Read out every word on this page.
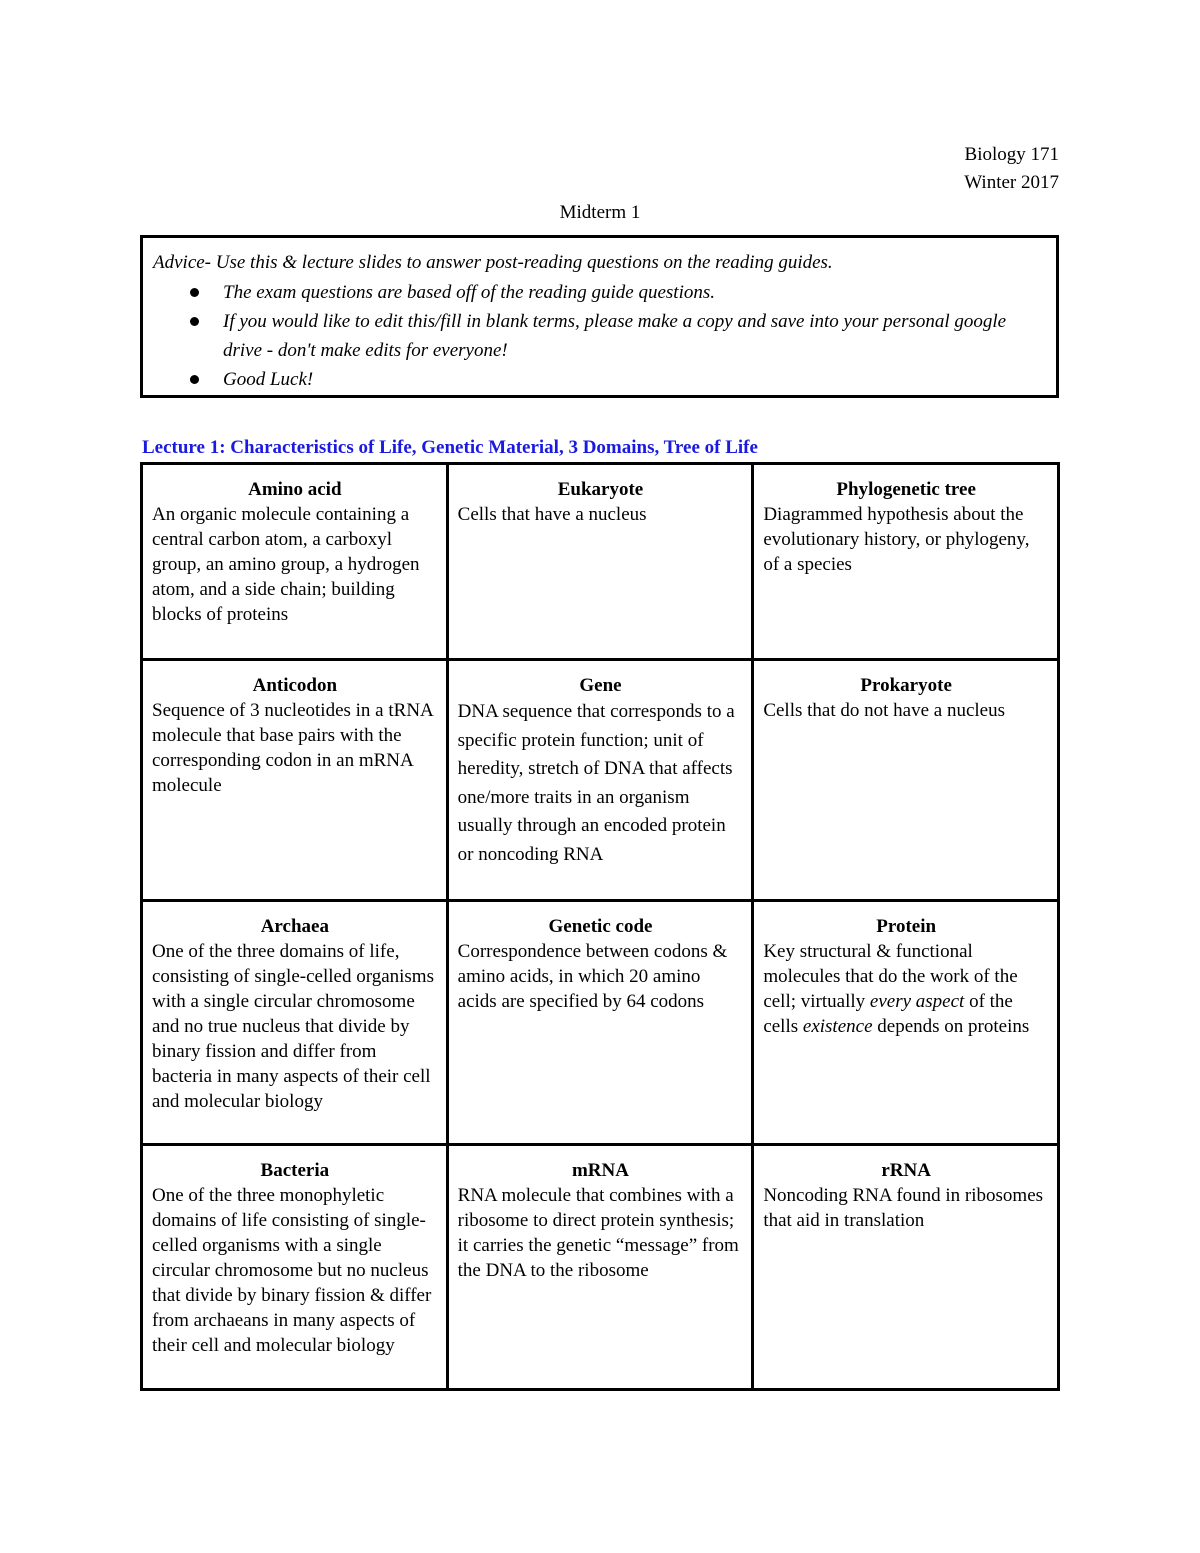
Biology 171
Winter 2017
Midterm 1
Advice- Use this & lecture slides to answer post-reading questions on the reading guides.
The exam questions are based off of the reading guide questions.
If you would like to edit this/fill in blank terms, please make a copy and save into your personal google drive - don't make edits for everyone!
Good Luck!
Lecture 1: Characteristics of Life, Genetic Material, 3 Domains, Tree of Life
Amino acid
An organic molecule containing a central carbon atom, a carboxyl group, an amino group, a hydrogen atom, and a side chain; building blocks of proteins	Eukaryote
Cells that have a nucleus	Phylogenetic tree
Diagrammed hypothesis about the evolutionary history, or phylogeny, of a species

Anticodon
Sequence of 3 nucleotides in a tRNA molecule that base pairs with the corresponding codon in an mRNA molecule	Gene
DNA sequence that corresponds to a specific protein function; unit of heredity, stretch of DNA that affects one/more traits in an organism usually through an encoded protein or noncoding RNA	Prokaryote
Cells that do not have a nucleus

Archaea
One of the three domains of life, consisting of single-celled organisms with a single circular chromosome and no true nucleus that divide by binary fission and differ from bacteria in many aspects of their cell and molecular biology	Genetic code
Correspondence between codons & amino acids, in which 20 amino acids are specified by 64 codons	Protein
Key structural & functional molecules that do the work of the cell; virtually every aspect of the cells existence depends on proteins

Bacteria
One of the three monophyletic domains of life consisting of single-celled organisms with a single circular chromosome but no nucleus that divide by binary fission & differ from archaeans in many aspects of their cell and molecular biology	mRNA
RNA molecule that combines with a ribosome to direct protein synthesis; it carries the genetic “message” from the DNA to the ribosome	rRNA
Noncoding RNA found in ribosomes that aid in translation
